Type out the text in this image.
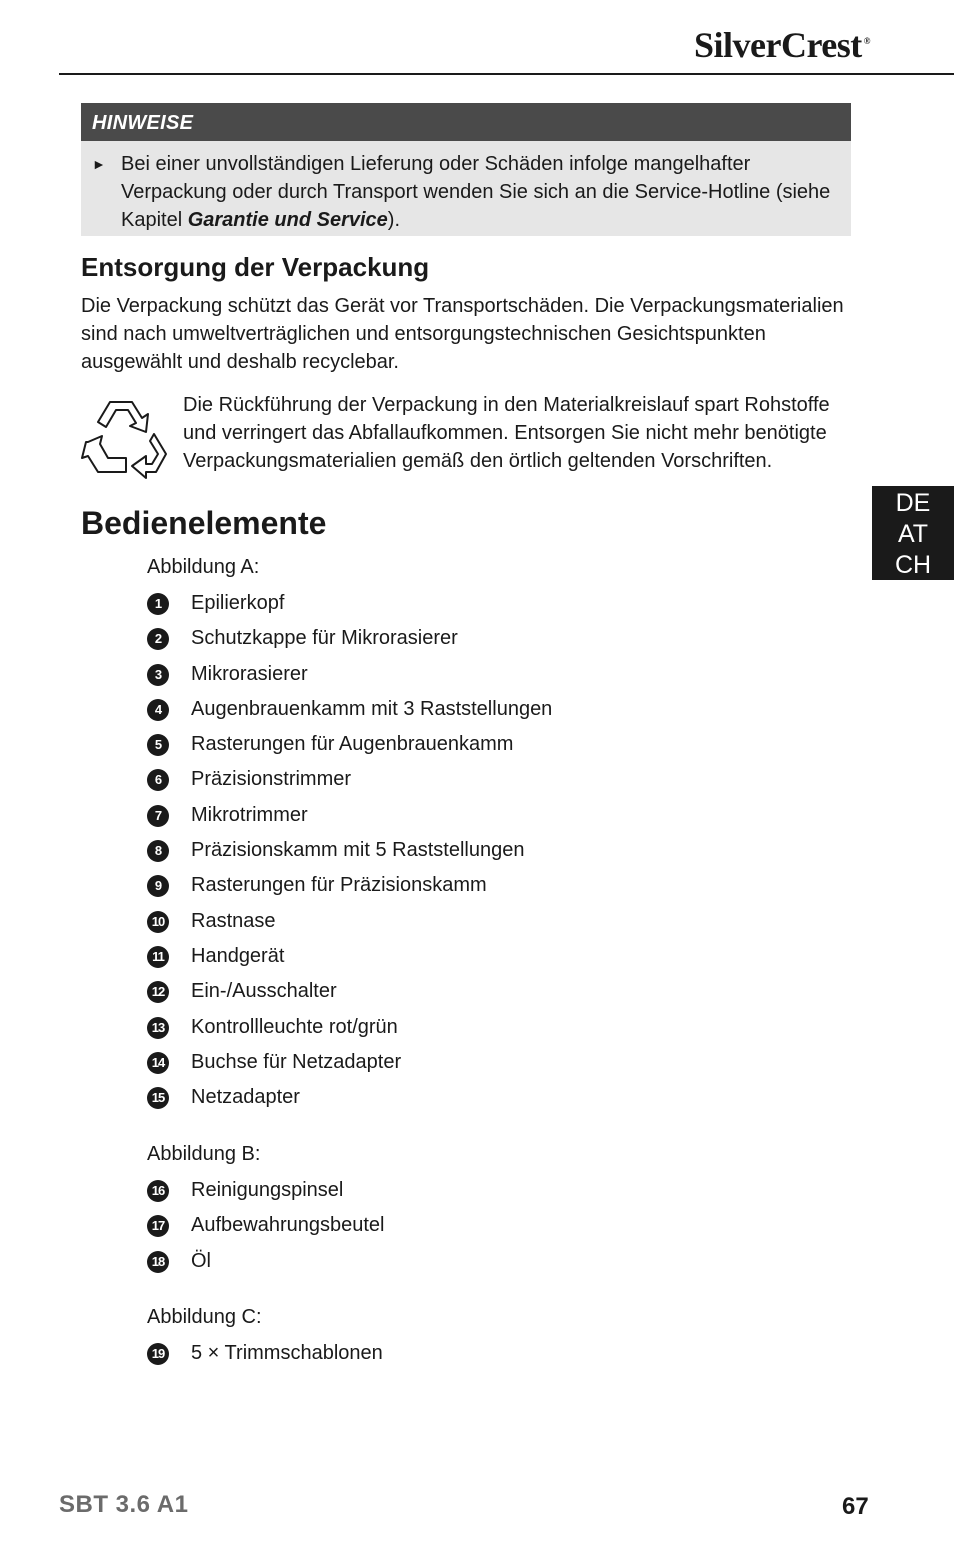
SilverCrest ®
HINWEISE
► Bei einer unvollständigen Lieferung oder Schäden infolge mangelhafter Verpackung oder durch Transport wenden Sie sich an die Service-Hotline (siehe Kapitel Garantie und Service).
Entsorgung der Verpackung

Die Verpackung schützt das Gerät vor Transportschäden. Die Verpackungsmaterialien sind nach umweltverträglichen und entsorgungstechnischen Gesichtspunkten ausgewählt und deshalb recyclebar.

Die Rückführung der Verpackung in den Materialkreislauf spart Rohstoffe und verringert das Abfallaufkommen. Entsorgen Sie nicht mehr benötigte Verpackungsmaterialien gemäß den örtlich geltenden Vorschriften.

Bedienelemente
DE
AT
CH

Abbildung A:

1	Epilierkopf
2	Schutzkappe für Mikrorasierer
3	Mikrorasierer
4	Augenbrauenkamm mit 3 Raststellungen
5	Rasterungen für Augenbrauenkamm
6	Präzisionstrimmer
7	Mikrotrimmer
8	Präzisionskamm mit 5 Raststellungen
9	Rasterungen für Präzisionskamm
10 Rastnase
11 Handgerät
12 Ein-/Ausschalter
13 Kontrollleuchte rot/grün
14 Buchse für Netzadapter
15 Netzadapter

Abbildung B:

16 Reinigungspinsel
17 Aufbewahrungsbeutel
18 Öl

Abbildung C:

19 5 × Trimmschablonen
SBT 3.6 A1	67
